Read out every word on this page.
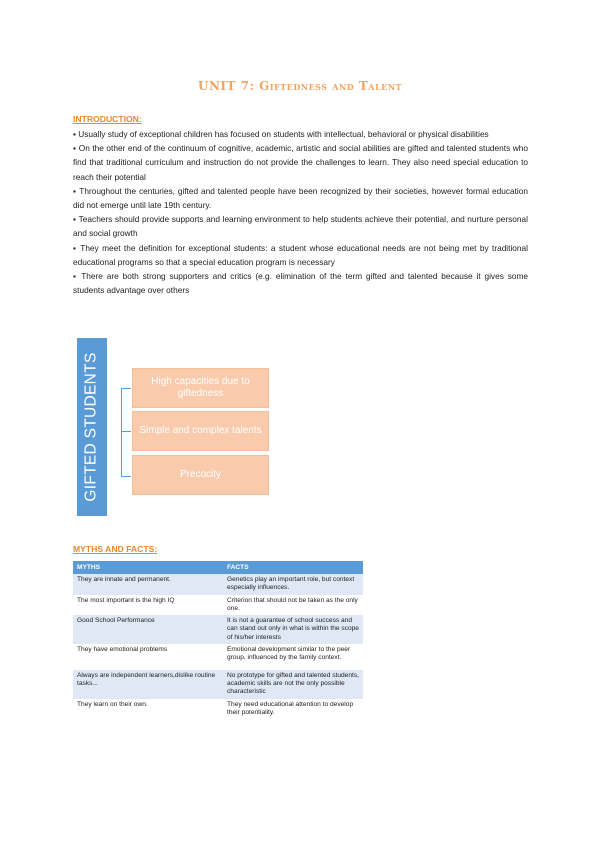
UNIT 7: Giftedness and Talent
INTRODUCTION:

▪ Usually study of exceptional children has focused on students with intellectual, behavioral or physical disabilities

▪ On the other end of the continuum of cognitive, academic, artistic and social abilities are gifted and talented students who find that traditional curriculum and instruction do not provide the challenges to learn. They also need special education to reach their potential

▪ Throughout the centuries, gifted and talented people have been recognized by their societies, however formal education did not emerge until late 19th century.

▪ Teachers should provide supports and learning environment to help students achieve their potential, and nurture personal and social growth

▪ They meet the definition for exceptional students: a student whose educational needs are not being met by traditional educational programs so that a special education program is necessary

▪ There are both strong supporters and critics (e.g. elimination of the term gifted and talented because it gives some students advantage over others

GIFTED STUDENTS	High capacities due to giftedness
Simple and complex talents
Precocity
MYTHS AND FACTS:
MYTHS	FACTS
They are innate and permanent.	Genetics play an important role, but context especially influences.
The most important is the high IQ	Criterion that should not be taken as the only one.
Good School Performance	It is not a guarantee of school success and can stand out only in what is within the scope of his/her interests
They have emotional problems	Emotional development similar to the peer group, influenced by the family context.

Always are independent learners,dislike routine tasks...	No prototype for gifted and talented students, academic skills are not the only possible characteristic
They learn on their own.	They need educational attention to develop their potentiality.
